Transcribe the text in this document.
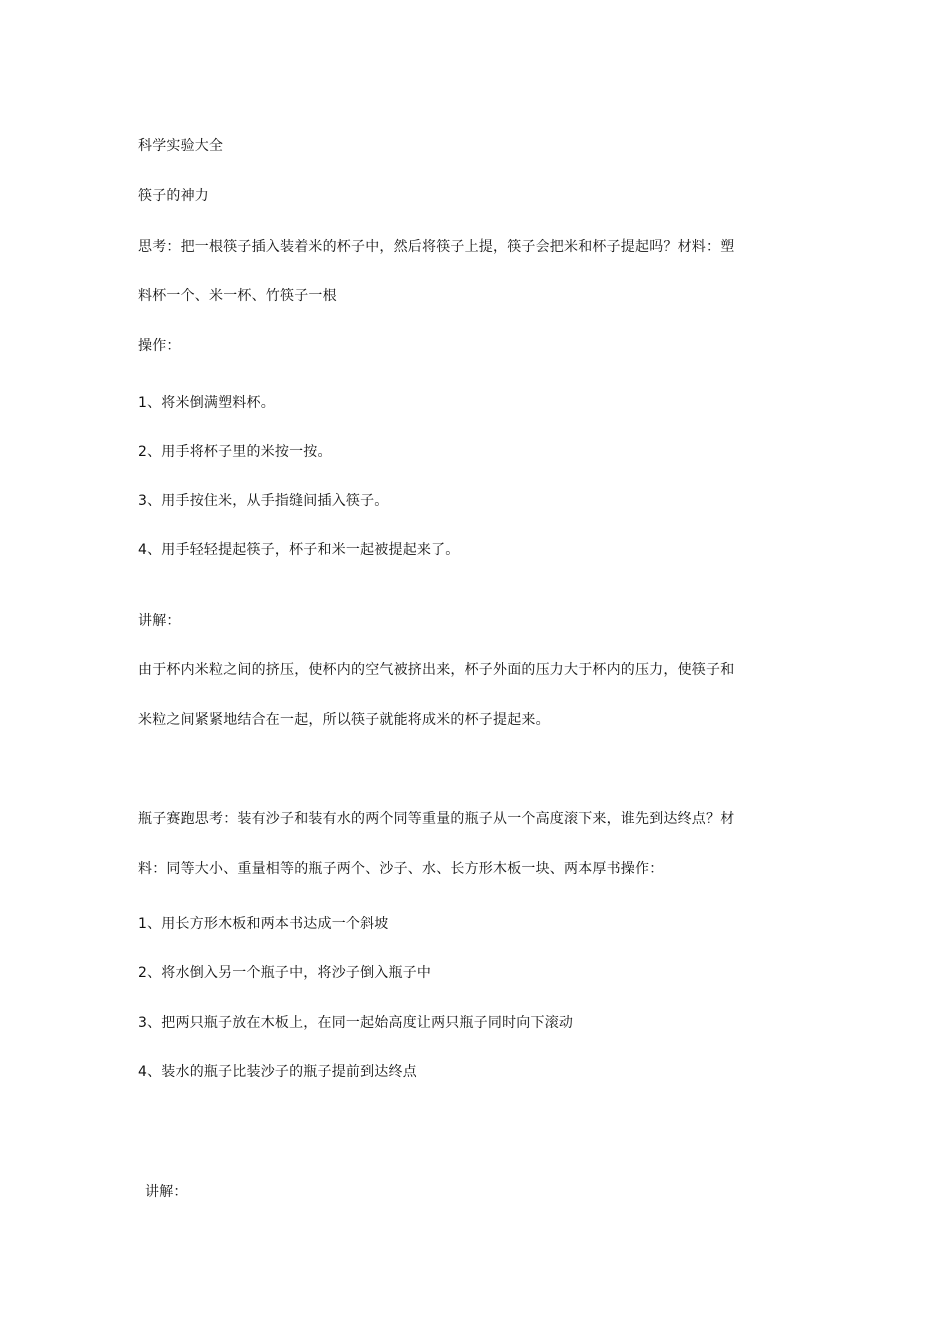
科学实验大全
筷子的神力
思考：把一根筷子插入装着米的杯子中，然后将筷子上提，筷子会把米和杯子提起吗？材料：塑
料杯一个、米一杯、竹筷子一根
操作：
1、将米倒满塑料杯。
2、用手将杯子里的米按一按。
3、用手按住米，从手指缝间插入筷子。
4、用手轻轻提起筷子，杯子和米一起被提起来了。
讲解：
由于杯内米粒之间的挤压，使杯内的空气被挤出来，杯子外面的压力大于杯内的压力，使筷子和
米粒之间紧紧地结合在一起，所以筷子就能将成米的杯子提起来。
瓶子赛跑思考：装有沙子和装有水的两个同等重量的瓶子从一个高度滚下来，谁先到达终点？材
料：同等大小、重量相等的瓶子两个、沙子、水、长方形木板一块、两本厚书操作：
1、用长方形木板和两本书达成一个斜坡
2、将水倒入另一个瓶子中，将沙子倒入瓶子中
3、把两只瓶子放在木板上，在同一起始高度让两只瓶子同时向下滚动
4、装水的瓶子比装沙子的瓶子提前到达终点
讲解：
